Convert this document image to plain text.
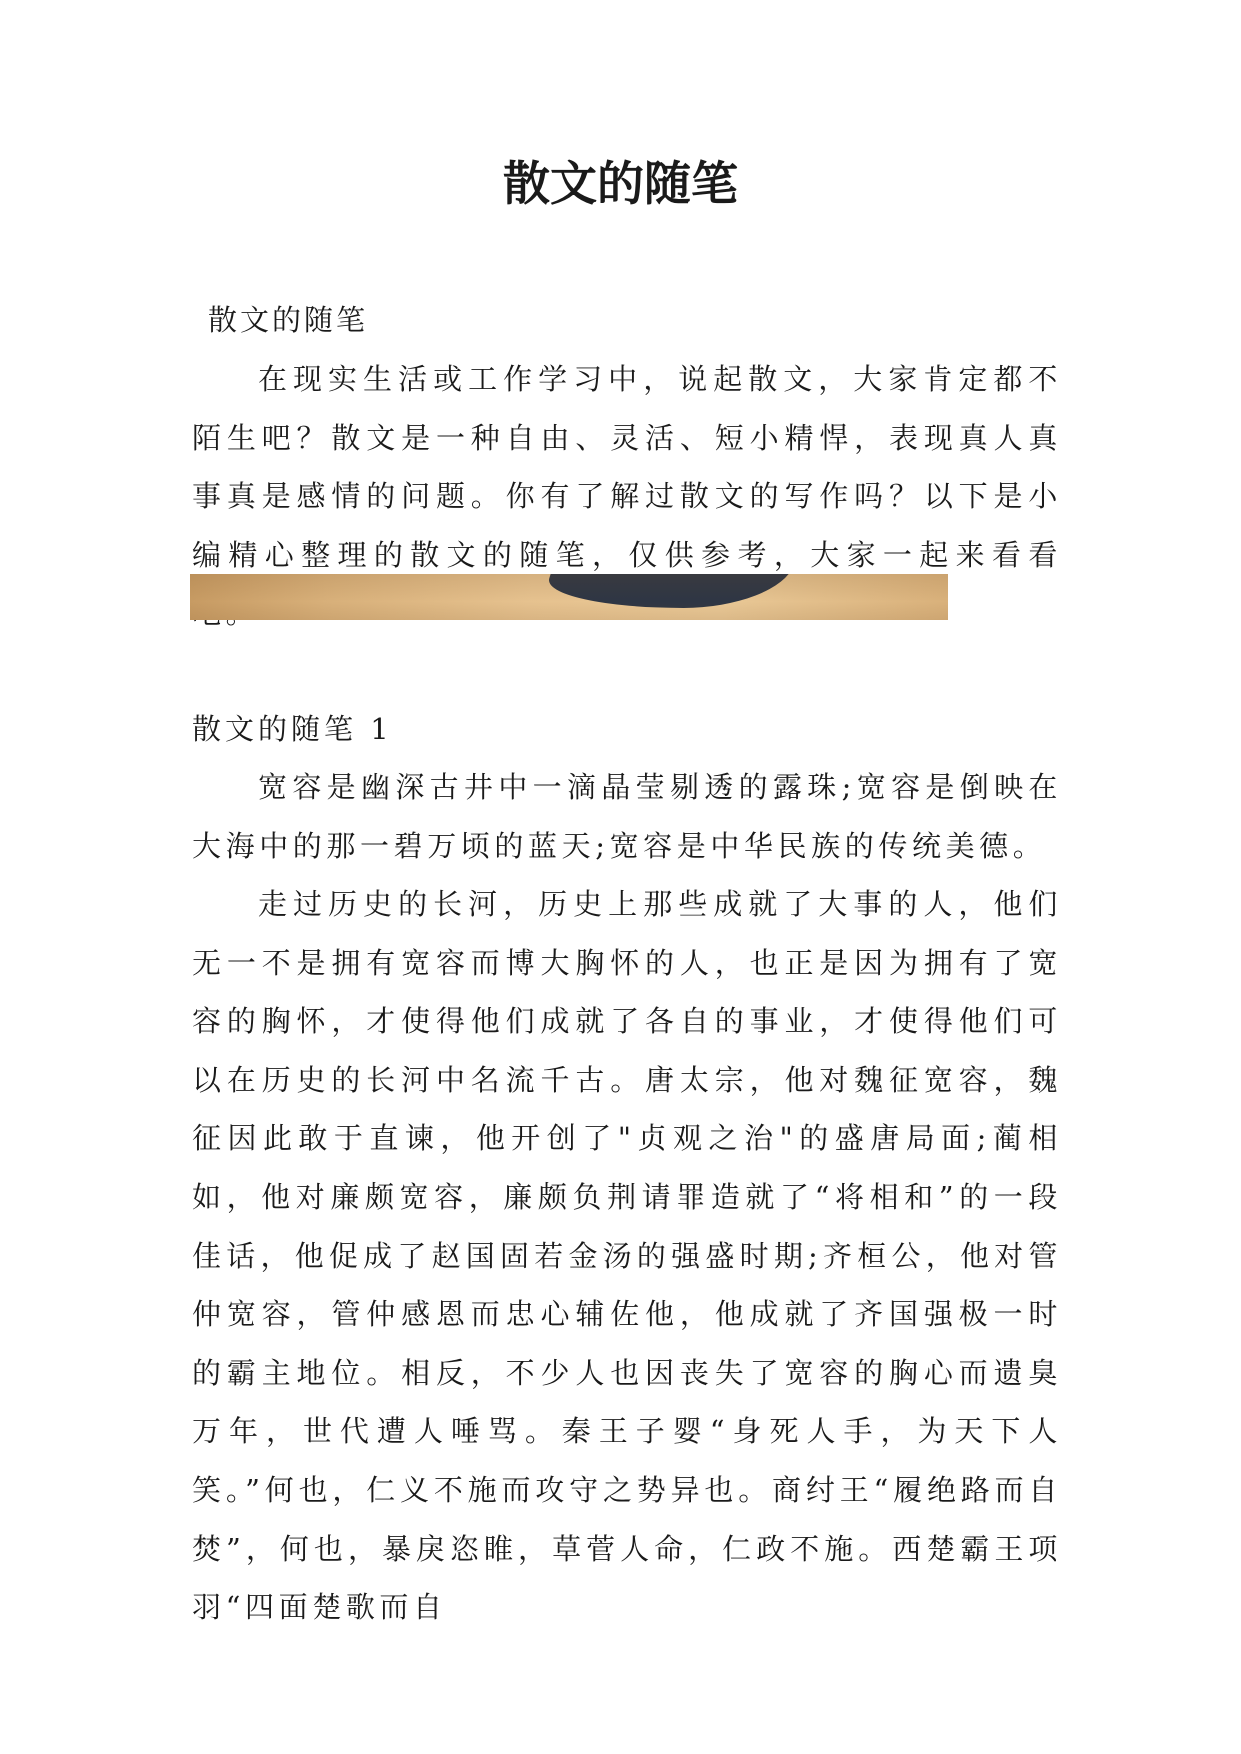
散文的随笔

散文的随笔

在现实生活或工作学习中，说起散文，大家肯定都不陌生吧？散文是一种自由、灵活、短小精悍，表现真人真事真是感情的问题。你有了解过散文的写作吗？以下是小编精心整理的散文的随笔，仅供参考，大家一起来看看

散文的随笔 1

宽容是幽深古井中一滴晶莹剔透的露珠;宽容是倒映在大海中的那一碧万顷的蓝天;宽容是中华民族的传统美德。

走过历史的长河，历史上那些成就了大事的人，他们无一不是拥有宽容而博大胸怀的人，也正是因为拥有了宽容的胸怀，才使得他们成就了各自的事业，才使得他们可以在历史的长河中名流千古。唐太宗，他对魏征宽容，魏征因此敢于直谏，他开创了"贞观之治"的盛唐局面;蔺相如，他对廉颇宽容，廉颇负荆请罪造就了“将相和”的一段佳话，他促成了赵国固若金汤的强盛时期;齐桓公，他对管仲宽容，管仲感恩而忠心辅佐他，他成就了齐国强极一时的霸主地位。相反，不少人也因丧失了宽容的胸心而遗臭万年，世代遭人唾骂。秦王子婴“身死人手，为天下人笑。”何也，仁义不施而攻守之势异也。商纣王“履绝路而自焚”，何也，暴戾恣睢，草菅人命，仁政不施。西楚霸王项羽“四面楚歌而自
